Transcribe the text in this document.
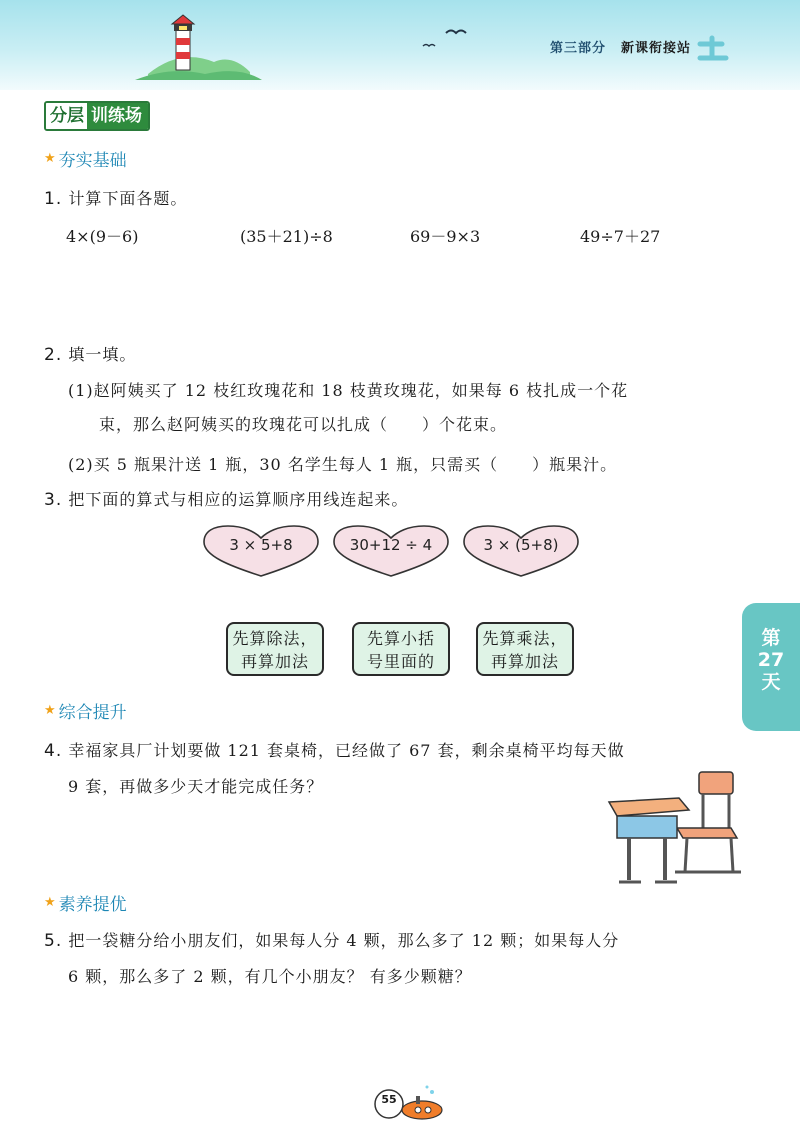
第三部分 新课衔接站
分层 训练场
★ 夯实基础
1. 计算下面各题。
4×(9－6)	(35＋21)÷8	69－9×3	49÷7＋27
2. 填一填。
(1)赵阿姨买了 12 枝红玫瑰花和 18 枝黄玫瑰花，如果每 6 枝扎成一个花
束，那么赵阿姨买的玫瑰花可以扎成（　　）个花束。
(2)买 5 瓶果汁送 1 瓶，30 名学生每人 1 瓶，只需买（　　）瓶果汁。
3. 把下面的算式与相应的运算顺序用线连起来。
3 × 5+8	30+12 ÷ 4	3 × (5+8)
先算除法，
再算加法
先算小括
号里面的
先算乘法，
再算加法
★ 综合提升
4. 幸福家具厂计划要做 121 套桌椅，已经做了 67 套，剩余桌椅平均每天做
9 套，再做多少天才能完成任务？
★ 素养提优
5. 把一袋糖分给小朋友们，如果每人分 4 颗，那么多了 12 颗；如果每人分
6 颗，那么多了 2 颗，有几个小朋友？ 有多少颗糖？
第
27
天
55
